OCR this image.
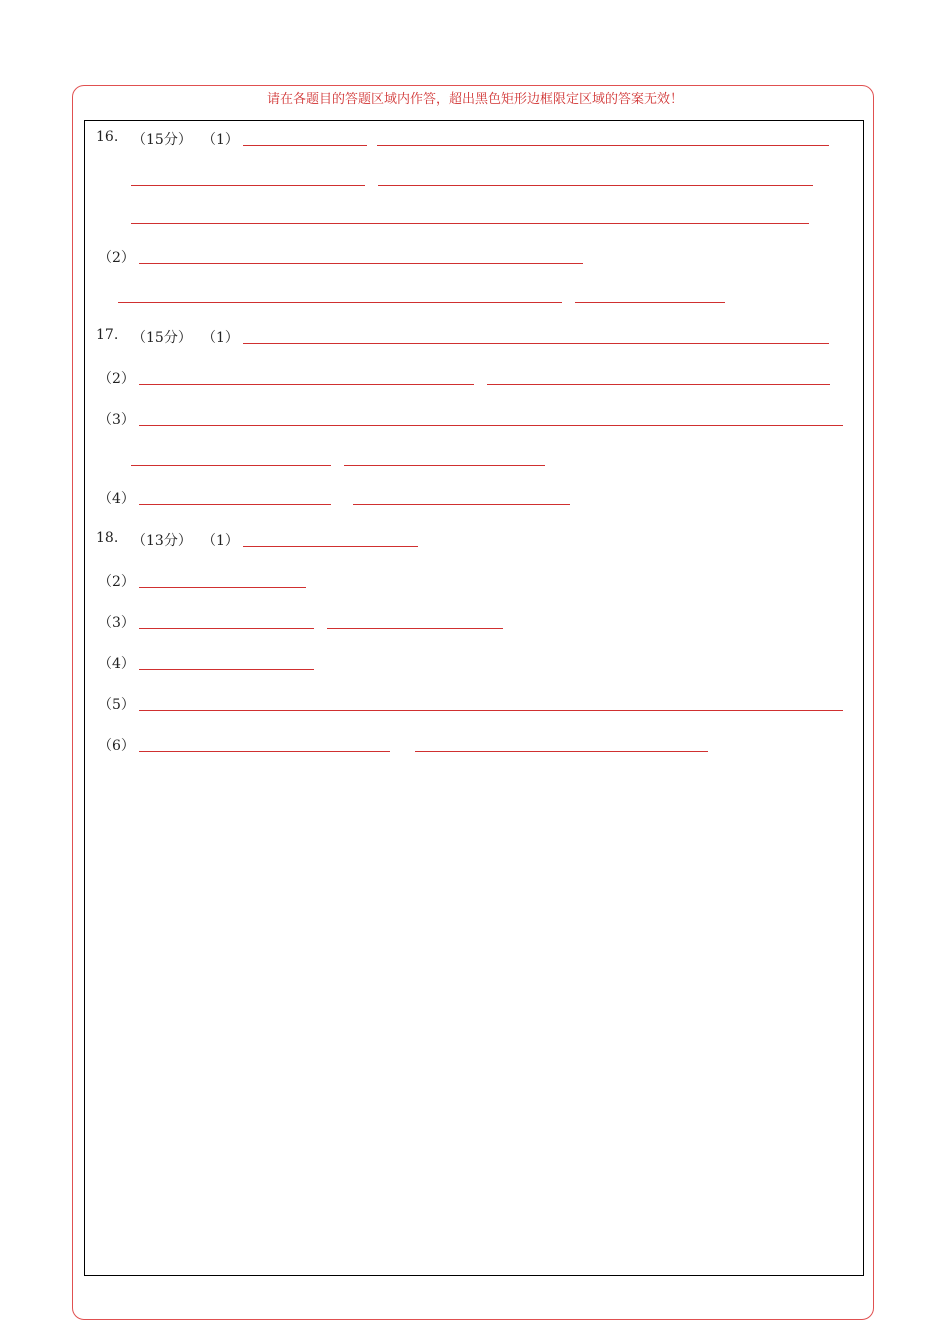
请在各题目的答题区域内作答，超出黑色矩形边框限定区域的答案无效！
16. （15分） （1）
（2）
17. （15分） （1）
（2）
（3）
（4）
18. （13分） （1）
（2）
（3）
（4）
（5）
（6）
